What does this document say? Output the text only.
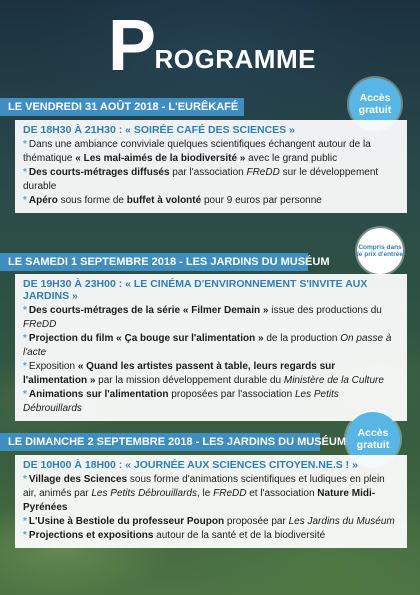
P
ROGRAMME
LE VENDREDI 31 AOÛT 2018 - L'EURÊKAFÉ
Accès gratuit
DE 18H30 À 21H30 : « SOIRÉE CAFÉ DES SCIENCES »
* Dans une ambiance conviviale quelques scientifiques échangent autour de la thématique « Les mal-aimés de la biodiversité » avec le grand public
* Des courts-métrages diffusés par l'association FReDD sur le développement durable
* Apéro sous forme de buffet à volonté pour 9 euros par personne
LE SAMEDI 1 SEPTEMBRE 2018 - LES JARDINS DU MUSÉUM
Compris dans le prix d'entrée
DE 19H30 À 23H00 : « LE CINÉMA D'ENVIRONNEMENT S'INVITE AUX JARDINS »
* Des courts-métrages de la série « Filmer Demain » issue des productions du FReDD
* Projection du film « Ça bouge sur l'alimentation » de la production On passe à l'acte
* Exposition « Quand les artistes passent à table, leurs regards sur l'alimentation » par la mission développement durable du Ministère de la Culture
* Animations sur l'alimentation proposées par l'association Les Petits Débrouillards
LE DIMANCHE 2 SEPTEMBRE 2018 - LES JARDINS DU MUSÉUM
Accès gratuit
DE 10H00 À 18H00 : « JOURNÉE AUX SCIENCES CITOYEN.NE.S ! »
* Village des Sciences sous forme d'animations scientifiques et ludiques en plein air, animés par Les Petits Débrouillards, le FReDD et l'association Nature Midi-Pyrénées
* L'Usine à Bestiole du professeur Poupon proposée par Les Jardins du Muséum
* Projections et expositions autour de la santé et de la biodiversité
